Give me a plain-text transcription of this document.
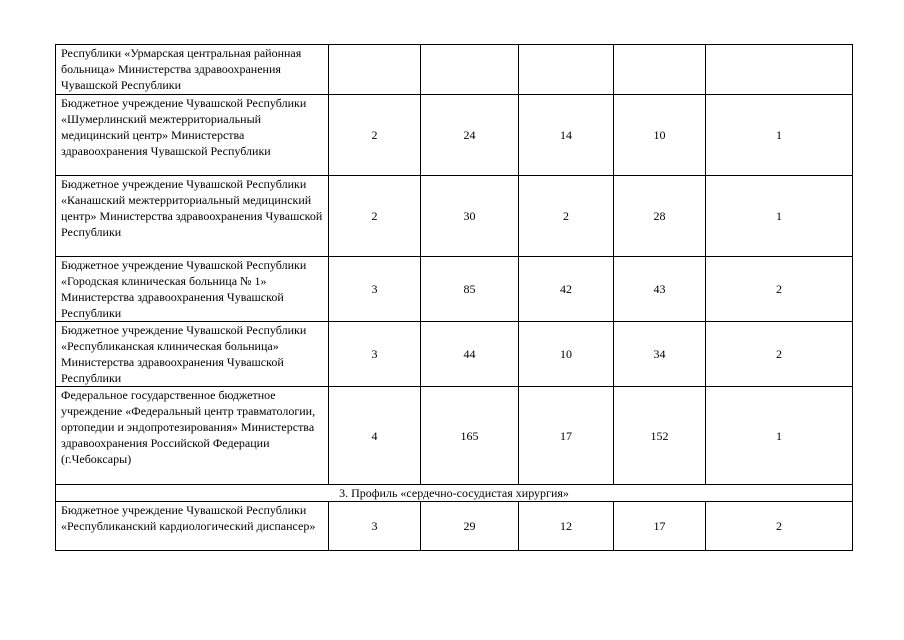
Республики «Урмарская центральная районная больница» Министерства здравоохранения Чувашской Республики					
Бюджетное учреждение Чувашской Республики «Шумерлинский межтерриториальный медицинский центр» Министерства здравоохранения Чувашской Республики	2	24	14	10	1
Бюджетное учреждение Чувашской Республики «Канашский межтерриториальный медицинский центр» Министерства здравоохранения Чувашской Республики	2	30	2	28	1
Бюджетное учреждение Чувашской Республики «Городская клиническая больница № 1» Министерства здравоохранения Чувашской Республики	3	85	42	43	2
Бюджетное учреждение Чувашской Республики «Республиканская клиническая больница» Министерства здравоохранения Чувашской Республики	3	44	10	34	2
Федеральное государственное бюджетное учреждение «Федеральный центр травматологии, ортопедии и эндопротезирования» Министерства здравоохранения Российской Федерации (г.Чебоксары)	4	165	17	152	1
3. Профиль «сердечно-сосудистая хирургия»					
Бюджетное учреждение Чувашской Республики «Республиканский кардиологический диспансер»	3	29	12	17	2
